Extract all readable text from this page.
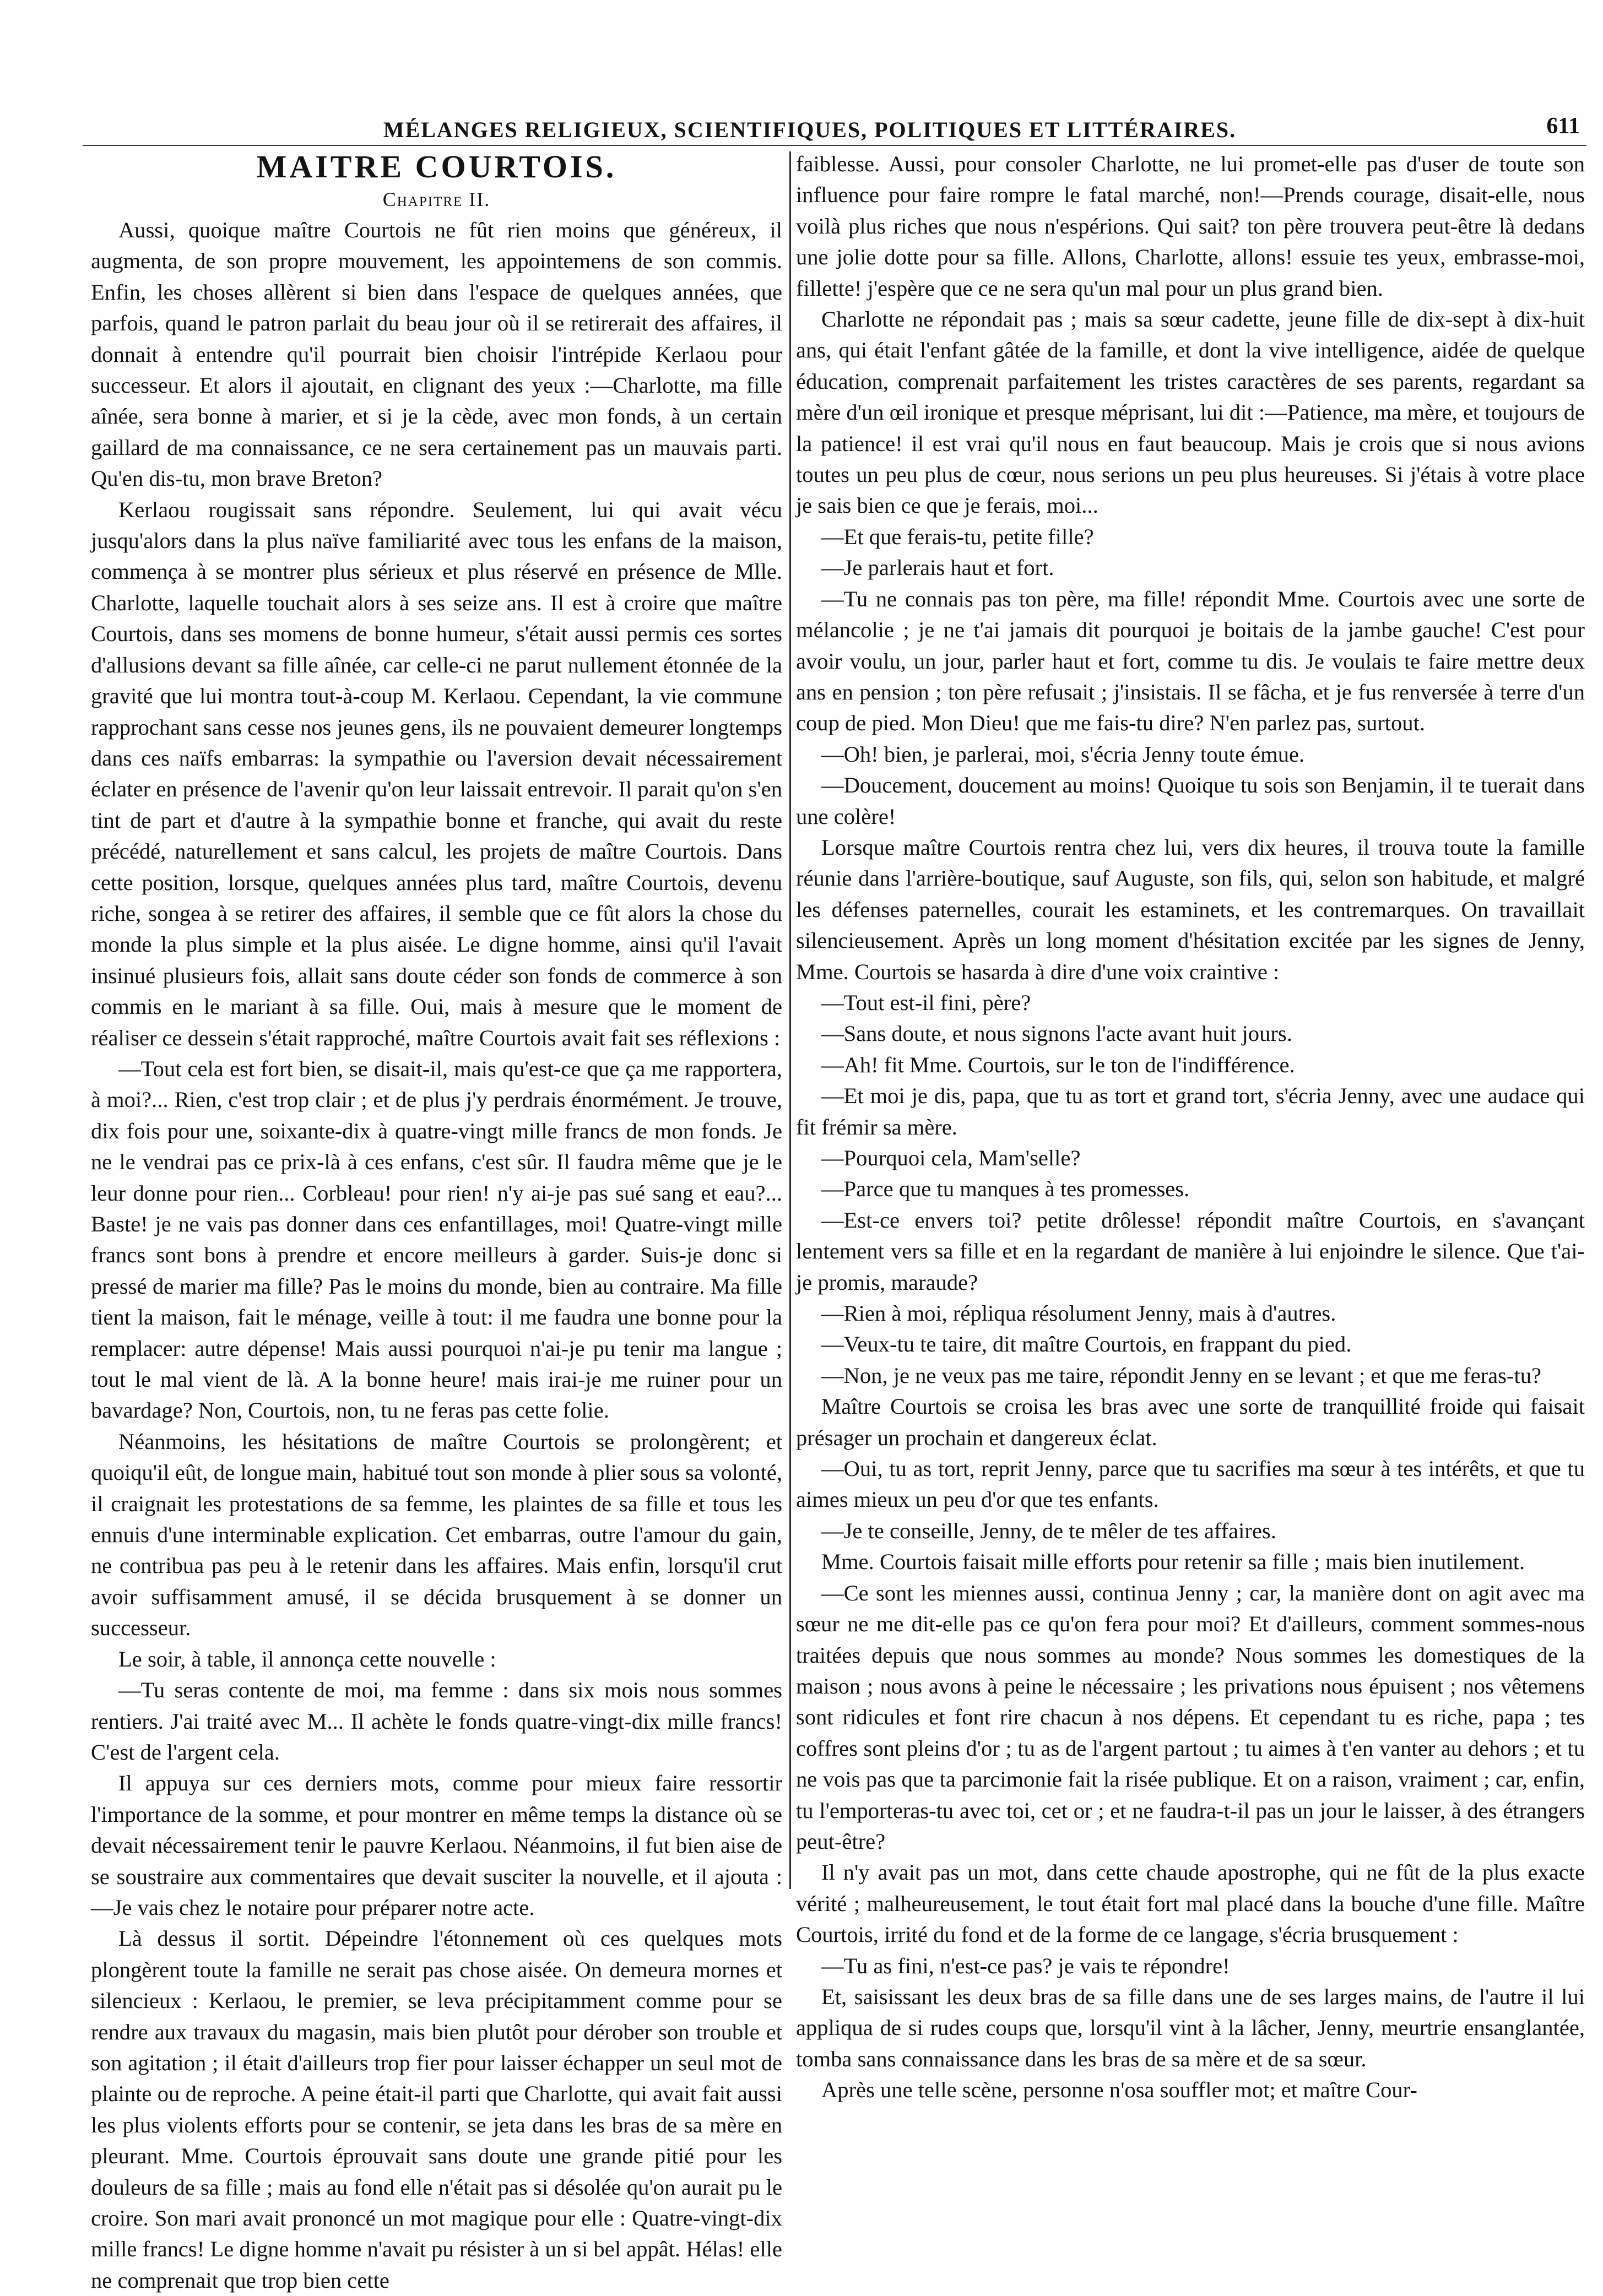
MÉLANGES RELIGIEUX, SCIENTIFIQUES, POLITIQUES ET LITTÉRAIRES.	611
MAITRE COURTOIS.
Chapitre II.

Aussi, quoique maître Courtois ne fût rien moins que généreux, il augmenta, de son propre mouvement, les appointemens de son commis. Enfin, les choses allèrent si bien dans l'espace de quelques années, que parfois, quand le patron parlait du beau jour où il se retirerait des affaires, il donnait à entendre qu'il pourrait bien choisir l'intrépide Kerlaou pour successeur. Et alors il ajoutait, en clignant des yeux :—Charlotte, ma fille aînée, sera bonne à marier, et si je la cède, avec mon fonds, à un certain gaillard de ma connaissance, ce ne sera certainement pas un mauvais parti. Qu'en dis-tu, mon brave Breton?

Kerlaou rougissait sans répondre. Seulement, lui qui avait vécu jusqu'alors dans la plus naïve familiarité avec tous les enfans de la maison, commença à se montrer plus sérieux et plus réservé en présence de Mlle. Charlotte, laquelle touchait alors à ses seize ans. Il est à croire que maître Courtois, dans ses momens de bonne humeur, s'était aussi permis ces sortes d'allusions devant sa fille aînée, car celle-ci ne parut nullement étonnée de la gravité que lui montra tout-à-coup M. Kerlaou. Cependant, la vie commune rapprochant sans cesse nos jeunes gens, ils ne pouvaient demeurer longtemps dans ces naïfs embarras: la sympathie ou l'aversion devait nécessairement éclater en présence de l'avenir qu'on leur laissait entrevoir. Il parait qu'on s'en tint de part et d'autre à la sympathie bonne et franche, qui avait du reste précédé, naturellement et sans calcul, les projets de maître Courtois. Dans cette position, lorsque, quelques années plus tard, maître Courtois, devenu riche, songea à se retirer des affaires, il semble que ce fût alors la chose du monde la plus simple et la plus aisée. Le digne homme, ainsi qu'il l'avait insinué plusieurs fois, allait sans doute céder son fonds de commerce à son commis en le mariant à sa fille. Oui, mais à mesure que le moment de réaliser ce dessein s'était rapproché, maître Courtois avait fait ses réflexions :

—Tout cela est fort bien, se disait-il, mais qu'est-ce que ça me rapportera, à moi?... Rien, c'est trop clair ; et de plus j'y perdrais énormément. Je trouve, dix fois pour une, soixante-dix à quatre-vingt mille francs de mon fonds. Je ne le vendrai pas ce prix-là à ces enfans, c'est sûr. Il faudra même que je le leur donne pour rien... Corbleau! pour rien! n'y ai-je pas sué sang et eau?... Baste! je ne vais pas donner dans ces enfantillages, moi! Quatre-vingt mille francs sont bons à prendre et encore meilleurs à garder. Suis-je donc si pressé de marier ma fille? Pas le moins du monde, bien au contraire. Ma fille tient la maison, fait le ménage, veille à tout: il me faudra une bonne pour la remplacer: autre dépense! Mais aussi pourquoi n'ai-je pu tenir ma langue ; tout le mal vient de là. A la bonne heure! mais irai-je me ruiner pour un bavardage? Non, Courtois, non, tu ne feras pas cette folie.

Néanmoins, les hésitations de maître Courtois se prolongèrent; et quoiqu'il eût, de longue main, habitué tout son monde à plier sous sa volonté, il craignait les protestations de sa femme, les plaintes de sa fille et tous les ennuis d'une interminable explication. Cet embarras, outre l'amour du gain, ne contribua pas peu à le retenir dans les affaires. Mais enfin, lorsqu'il crut avoir suffisamment amusé, il se décida brusquement à se donner un successeur.

Le soir, à table, il annonça cette nouvelle :

—Tu seras contente de moi, ma femme : dans six mois nous sommes rentiers. J'ai traité avec M... Il achète le fonds quatre-vingt-dix mille francs! C'est de l'argent cela.

Il appuya sur ces derniers mots, comme pour mieux faire ressortir l'importance de la somme, et pour montrer en même temps la distance où se devait nécessairement tenir le pauvre Kerlaou. Néanmoins, il fut bien aise de se soustraire aux commentaires que devait susciter la nouvelle, et il ajouta :—Je vais chez le notaire pour préparer notre acte.

Là dessus il sortit. Dépeindre l'étonnement où ces quelques mots plongèrent toute la famille ne serait pas chose aisée. On demeura mornes et silencieux : Kerlaou, le premier, se leva précipitamment comme pour se rendre aux travaux du magasin, mais bien plutôt pour dérober son trouble et son agitation ; il était d'ailleurs trop fier pour laisser échapper un seul mot de plainte ou de reproche. A peine était-il parti que Charlotte, qui avait fait aussi les plus violents efforts pour se contenir, se jeta dans les bras de sa mère en pleurant. Mme. Courtois éprouvait sans doute une grande pitié pour les douleurs de sa fille ; mais au fond elle n'était pas si désolée qu'on aurait pu le croire. Son mari avait prononcé un mot magique pour elle : Quatre-vingt-dix mille francs! Le digne homme n'avait pu résister à un si bel appât. Hélas! elle ne comprenait que trop bien cette

faiblesse. Aussi, pour consoler Charlotte, ne lui promet-elle pas d'user de toute son influence pour faire rompre le fatal marché, non!—Prends courage, disait-elle, nous voilà plus riches que nous n'espérions. Qui sait? ton père trouvera peut-être là dedans une jolie dotte pour sa fille. Allons, Charlotte, allons! essuie tes yeux, embrasse-moi, fillette! j'espère que ce ne sera qu'un mal pour un plus grand bien.

Charlotte ne répondait pas ; mais sa sœur cadette, jeune fille de dix-sept à dix-huit ans, qui était l'enfant gâtée de la famille, et dont la vive intelligence, aidée de quelque éducation, comprenait parfaitement les tristes caractères de ses parents, regardant sa mère d'un œil ironique et presque méprisant, lui dit :—Patience, ma mère, et toujours de la patience! il est vrai qu'il nous en faut beaucoup. Mais je crois que si nous avions toutes un peu plus de cœur, nous serions un peu plus heureuses. Si j'étais à votre place je sais bien ce que je ferais, moi...

—Et que ferais-tu, petite fille?

—Je parlerais haut et fort.

—Tu ne connais pas ton père, ma fille! répondit Mme. Courtois avec une sorte de mélancolie ; je ne t'ai jamais dit pourquoi je boitais de la jambe gauche! C'est pour avoir voulu, un jour, parler haut et fort, comme tu dis. Je voulais te faire mettre deux ans en pension ; ton père refusait ; j'insistais. Il se fâcha, et je fus renversée à terre d'un coup de pied. Mon Dieu! que me fais-tu dire? N'en parlez pas, surtout.

—Oh! bien, je parlerai, moi, s'écria Jenny toute émue.

—Doucement, doucement au moins! Quoique tu sois son Benjamin, il te tuerait dans une colère!

Lorsque maître Courtois rentra chez lui, vers dix heures, il trouva toute la famille réunie dans l'arrière-boutique, sauf Auguste, son fils, qui, selon son habitude, et malgré les défenses paternelles, courait les estaminets, et les contremarques. On travaillait silencieusement. Après un long moment d'hésitation excitée par les signes de Jenny, Mme. Courtois se hasarda à dire d'une voix craintive :

—Tout est-il fini, père?

—Sans doute, et nous signons l'acte avant huit jours.

—Ah! fit Mme. Courtois, sur le ton de l'indifférence.

—Et moi je dis, papa, que tu as tort et grand tort, s'écria Jenny, avec une audace qui fit frémir sa mère.

—Pourquoi cela, Mam'selle?

—Parce que tu manques à tes promesses.

—Est-ce envers toi? petite drôlesse! répondit maître Courtois, en s'avançant lentement vers sa fille et en la regardant de manière à lui enjoindre le silence. Que t'ai-je promis, maraude?

—Rien à moi, répliqua résolument Jenny, mais à d'autres.

—Veux-tu te taire, dit maître Courtois, en frappant du pied.

—Non, je ne veux pas me taire, répondit Jenny en se levant ; et que me feras-tu?

Maître Courtois se croisa les bras avec une sorte de tranquillité froide qui faisait présager un prochain et dangereux éclat.

—Oui, tu as tort, reprit Jenny, parce que tu sacrifies ma sœur à tes intérêts, et que tu aimes mieux un peu d'or que tes enfants.

—Je te conseille, Jenny, de te mêler de tes affaires.

Mme. Courtois faisait mille efforts pour retenir sa fille ; mais bien inutilement.

—Ce sont les miennes aussi, continua Jenny ; car, la manière dont on agit avec ma sœur ne me dit-elle pas ce qu'on fera pour moi? Et d'ailleurs, comment sommes-nous traitées depuis que nous sommes au monde? Nous sommes les domestiques de la maison ; nous avons à peine le nécessaire ; les privations nous épuisent ; nos vêtemens sont ridicules et font rire chacun à nos dépens. Et cependant tu es riche, papa ; tes coffres sont pleins d'or ; tu as de l'argent partout ; tu aimes à t'en vanter au dehors ; et tu ne vois pas que ta parcimonie fait la risée publique. Et on a raison, vraiment ; car, enfin, tu l'emporteras-tu avec toi, cet or ; et ne faudra-t-il pas un jour le laisser, à des étrangers peut-être?

Il n'y avait pas un mot, dans cette chaude apostrophe, qui ne fût de la plus exacte vérité ; malheureusement, le tout était fort mal placé dans la bouche d'une fille. Maître Courtois, irrité du fond et de la forme de ce langage, s'écria brusquement :

—Tu as fini, n'est-ce pas? je vais te répondre!

Et, saisissant les deux bras de sa fille dans une de ses larges mains, de l'autre il lui appliqua de si rudes coups que, lorsqu'il vint à la lâcher, Jenny, meurtrie ensanglantée, tomba sans connaissance dans les bras de sa mère et de sa sœur.

Après une telle scène, personne n'osa souffler mot; et maître Cour-
